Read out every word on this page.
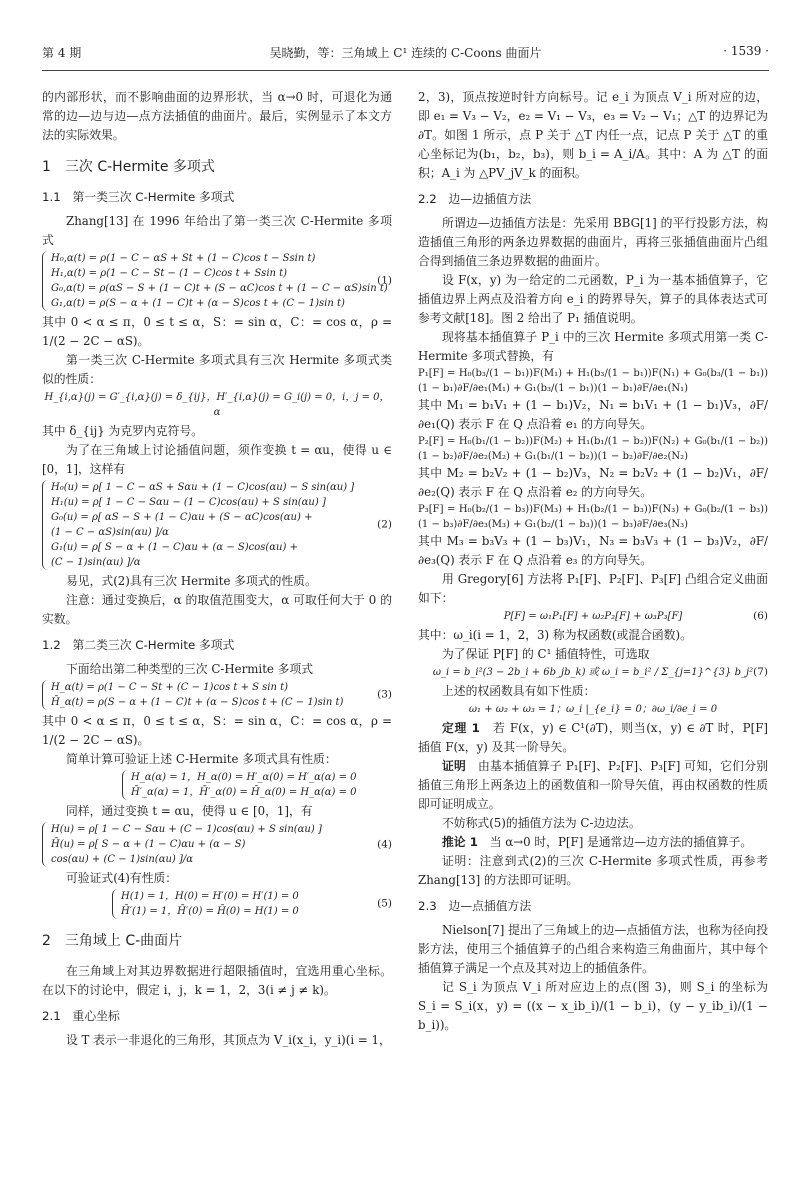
第 4 期	吴晓勤，等：三角域上 C¹ 连续的 C-Coons 曲面片	· 1539 ·

的内部形状，而不影响曲面的边界形状，当 α→0 时，可退化为通常的边—边与边—点方法插值的曲面片。最后，实例显示了本文方法的实际效果。

1　三次 C-Hermite 多项式
1.1　第一类三次 C-Hermite 多项式

Zhang[13] 在 1996 年给出了第一类三次 C-Hermite 多项式

H₀,α(t) = ρ(1 − C − αS + St + (1 − C)cos t − Ssin t)
H₁,α(t) = ρ(1 − C − St − (1 − C)cos t + Ssin t)
G₀,α(t) = ρ(αS − S + (1 − C)t + (S − αC)cos t + (1 − C − αS)sin t)
G₁,α(t) = ρ(S − α + (1 − C)t + (α − S)cos t + (C − 1)sin t)
(1)

其中 0 < α ≤ π，0 ≤ t ≤ α，S：= sin α，C：= cos α，ρ = 1/(2 − 2C − αS)。

第一类三次 C-Hermite 多项式具有三次 Hermite 多项式类似的性质：

H_{i,α}(j) = G′_{i,α}(j) = δ_{ij}，H′_{i,α}(j) = G_i(j) = 0，i，j = 0，α

其中 δ_{ij} 为克罗内克符号。

为了在三角域上讨论插值问题，须作变换 t = αu，使得 u ∈ [0，1]，这样有

H₀(u) = ρ[ 1 − C − αS + Sαu + (1 − C)cos(αu) − S sin(αu) ]
H₁(u) = ρ[ 1 − C − Sαu − (1 − C)cos(αu) + S sin(αu) ]
G₀(u) = ρ[ αS − S + (1 − C)αu + (S − αC)cos(αu) +
(1 − C − αS)sin(αu) ]/α
G₁(u) = ρ[ S − α + (1 − C)αu + (α − S)cos(αu) +
(C − 1)sin(αu) ]/α
(2)

易见，式(2)具有三次 Hermite 多项式的性质。

注意：通过变换后，α 的取值范围变大，α 可取任何大于 0 的实数。

1.2　第二类三次 C-Hermite 多项式

下面给出第二种类型的三次 C-Hermite 多项式

H_α(t) = ρ(1 − C − St + (C − 1)cos t + S sin t)
H̄_α(t) = ρ(S − α + (1 − C)t + (α − S)cos t + (C − 1)sin t)
(3)

其中 0 < α ≤ π，0 ≤ t ≤ α，S：= sin α，C：= cos α，ρ = 1/(2 − 2C − αS)。

简单计算可验证上述 C-Hermite 多项式具有性质：

H_α(α) = 1，H_α(0) = H′_α(0) = H′_α(α) = 0
H̄′_α(α) = 1，H̄′_α(0) = H̄_α(0) = H_α(α) = 0

同样，通过变换 t = αu，使得 u ∈ [0，1]，有

H(u) = ρ[ 1 − C − Sαu + (C − 1)cos(αu) + S sin(αu) ]
H̄(u) = ρ[ S − α + (1 − C)αu + (α − S)
cos(αu) + (C − 1)sin(αu) ]/α
(4)

可验证式(4)有性质：

H(1) = 1，H(0) = H′(0) = H′(1) = 0
H̄′(1) = 1，H̄′(0) = H̄(0) = H(1) = 0
(5)
2　三角域上 C-曲面片

在三角域上对其边界数据进行超限插值时，宜选用重心坐标。在以下的讨论中，假定 i，j，k = 1，2，3(i ≠ j ≠ k)。

2.1　重心坐标

设 T 表示一非退化的三角形，其顶点为 V_i(x_i，y_i)(i = 1，

2，3)，顶点按逆时针方向标号。记 e_i 为顶点 V_i 所对应的边，即 e₁ = V₃ − V₂，e₂ = V₁ − V₃，e₃ = V₂ − V₁；△T 的边界记为 ∂T。如图 1 所示，点 P 关于 △T 内任一点，记点 P 关于 △T 的重心坐标记为(b₁，b₂，b₃)，则 b_i = A_i/A。其中：A 为 △T 的面积；A_i 为 △PV_jV_k 的面积。

2.2　边—边插值方法

所谓边—边插值方法是：先采用 BBG[1] 的平行投影方法，构造插值三角形的两条边界数据的曲面片，再将三张插值曲面片凸组合得到插值三条边界数据的曲面片。

设 F(x，y) 为一给定的二元函数，P_i 为一基本插值算子，它插值边界上两点及沿着方向 e_i 的跨界导矢，算子的具体表达式可参考文献[18]。图 2 给出了 P₁ 插值说明。

现将基本插值算子 P_i 中的三次 Hermite 多项式用第一类 C-Hermite 多项式替换，有

P₁[F] = H₀(b₃/(1 − b₁))F(M₁) + H₁(b₃/(1 − b₁))F(N₁) + G₀(b₃/(1 − b₁))(1 − b₁)∂F/∂e₁(M₁) + G₁(b₃/(1 − b₁))(1 − b₁)∂F/∂e₁(N₁)

其中 M₁ = b₁V₁ + (1 − b₁)V₂，N₁ = b₁V₁ + (1 − b₁)V₃，∂F/∂e₁(Q) 表示 F 在 Q 点沿着 e₁ 的方向导矢。

P₂[F] = H₀(b₁/(1 − b₂))F(M₂) + H₁(b₁/(1 − b₂))F(N₂) + G₀(b₁/(1 − b₂))(1 − b₂)∂F/∂e₂(M₂) + G₁(b₁/(1 − b₂))(1 − b₂)∂F/∂e₂(N₂)

其中 M₂ = b₂V₂ + (1 − b₂)V₃，N₂ = b₂V₂ + (1 − b₂)V₁，∂F/∂e₂(Q) 表示 F 在 Q 点沿着 e₂ 的方向导矢。

P₃[F] = H₀(b₂/(1 − b₃))F(M₃) + H₁(b₂/(1 − b₃))F(N₃) + G₀(b₂/(1 − b₃))(1 − b₃)∂F/∂e₃(M₃) + G₁(b₂/(1 − b₃))(1 − b₃)∂F/∂e₃(N₃)

其中 M₃ = b₃V₃ + (1 − b₃)V₁，N₃ = b₃V₃ + (1 − b₃)V₂，∂F/∂e₃(Q) 表示 F 在 Q 点沿着 e₃ 的方向导矢。

用 Gregory[6] 方法将 P₁[F]、P₂[F]、P₃[F] 凸组合定义曲面如下：

P[F] = ω₁P₁[F] + ω₂P₂[F] + ω₃P₃[F]	(6)

其中：ω_i(i = 1，2，3) 称为权函数(或混合函数)。

为了保证 P[F] 的 C¹ 插值特性，可选取

ω_i = b_i²(3 − 2b_i + 6b_jb_k) 或 ω_i = b_i² / Σ_{j=1}^{3} b_j² (7)

上述的权函数具有如下性质：

ω₁ + ω₂ + ω₃ = 1；ω_i |_{e_i} = 0；∂ω_i/∂e_i = 0

定理 1　 若 F(x，y) ∈ C¹(∂T)，则当(x，y) ∈ ∂T 时，P[F] 插值 F(x，y) 及其一阶导矢。

证明　 由基本插值算子 P₁[F]、P₂[F]、P₃[F] 可知，它们分别插值三角形上两条边上的函数值和一阶导矢值，再由权函数的性质即可证明成立。

不妨称式(5)的插值方法为 C-边边法。

推论 1　 当 α→0 时，P[F] 是通常边—边方法的插值算子。

证明：注意到式(2)的三次 C-Hermite 多项式性质，再参考 Zhang[13] 的方法即可证明。

2.3　边—点插值方法

Nielson[7] 提出了三角域上的边—点插值方法，也称为径向投影方法，使用三个插值算子的凸组合来构造三角曲面片，其中每个插值算子满足一个点及其对边上的插值条件。

记 S_i 为顶点 V_i 所对应边上的点(图 3)，则 S_i 的坐标为 S_i = S_i(x，y) = ((x − x_ib_i)/(1 − b_i)，(y − y_ib_i)/(1 − b_i))。
